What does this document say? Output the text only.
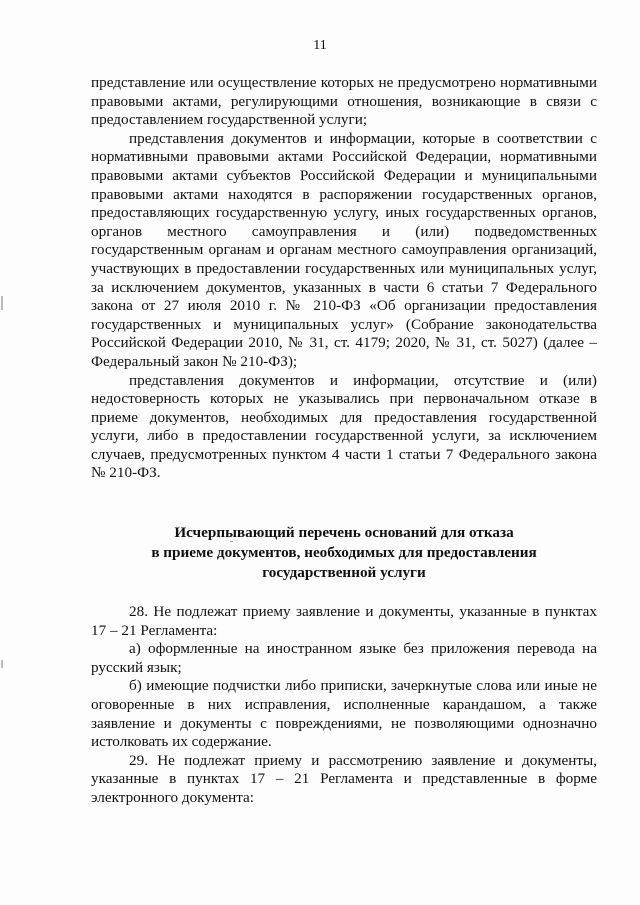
11

представление или осуществление которых не предусмотрено нормативными правовыми актами, регулирующими отношения, возникающие в связи с предоставлением государственной услуги;

представления документов и информации, которые в соответствии с нормативными правовыми актами Российской Федерации, нормативными правовыми актами субъектов Российской Федерации и муниципальными правовыми актами находятся в распоряжении государственных органов, предоставляющих государственную услугу, иных государственных органов, органов местного самоуправления и (или) подведомственных государственным органам и органам местного самоуправления организаций, участвующих в предоставлении государственных или муниципальных услуг, за исключением документов, указанных в части 6 статьи 7 Федерального закона от 27 июля 2010 г. № 210-ФЗ «Об организации предоставления государственных и муниципальных услуг» (Собрание законодательства Российской Федерации 2010, № 31, ст. 4179; 2020, № 31, ст. 5027) (далее – Федеральный закон № 210-ФЗ);

представления документов и информации, отсутствие и (или) недостоверность которых не указывались при первоначальном отказе в приеме документов, необходимых для предоставления государственной услуги, либо в предоставлении государственной услуги, за исключением случаев, предусмотренных пунктом 4 части 1 статьи 7 Федерального закона № 210-ФЗ.

Исчерпывающий перечень оснований для отказа
в приеме документов, необходимых для предоставления
государственной услуги

28. Не подлежат приему заявление и документы, указанные в пунктах 17 – 21 Регламента:

а) оформленные на иностранном языке без приложения перевода на русский язык;

б) имеющие подчистки либо приписки, зачеркнутые слова или иные не оговоренные в них исправления, исполненные карандашом, а также заявление и документы с повреждениями, не позволяющими однозначно истолковать их содержание.

29. Не подлежат приему и рассмотрению заявление и документы, указанные в пунктах 17 – 21 Регламента и представленные в форме электронного документа:
